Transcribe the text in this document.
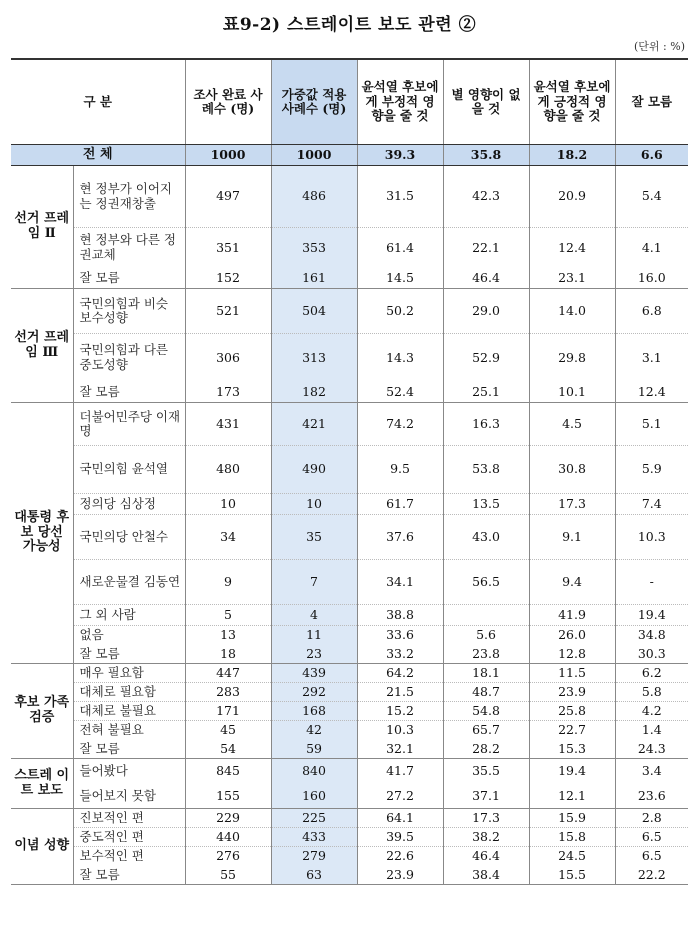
표9-2) 스트레이트 보도 관련 ②
(단위 : %)
구 분		조사 완료 사례수 (명)	가중값 적용 사례수 (명)	윤석열 후보에게 부정적 영향을 줄 것	별 영향이 없을 것	윤석열 후보에게 긍정적 영향을 줄 것	잘 모름
전 체		1000	1000	39.3	35.8	18.2	6.6
선거 프레임 Ⅱ	현 정부가 이어지는 정권재창출	497	486	31.5	42.3	20.9	5.4
	현 정부와 다른 정권교체	351	353	61.4	22.1	12.4	4.1
	잘 모름	152	161	14.5	46.4	23.1	16.0
선거 프레임 Ⅲ	국민의힘과 비슷 보수성향	521	504	50.2	29.0	14.0	6.8
	국민의힘과 다른 중도성향	306	313	14.3	52.9	29.8	3.1
	잘 모름	173	182	52.4	25.1	10.1	12.4
대통령 후보 당선 가능성	더불어민주당 이재명	431	421	74.2	16.3	4.5	5.1
	국민의힘 윤석열	480	490	9.5	53.8	30.8	5.9
	정의당 심상정	10	10	61.7	13.5	17.3	7.4
	국민의당 안철수	34	35	37.6	43.0	9.1	10.3
	새로운물결 김동연	9	7	34.1	56.5	9.4	-
	그 외 사람	5	4	38.8		41.9	19.4
	없음	13	11	33.6	5.6	26.0	34.8
	잘 모름	18	23	33.2	23.8	12.8	30.3
후보 가족 검증	매우 필요함	447	439	64.2	18.1	11.5	6.2
	대체로 필요함	283	292	21.5	48.7	23.9	5.8
	대체로 불필요	171	168	15.2	54.8	25.8	4.2
	전혀 불필요	45	42	10.3	65.7	22.7	1.4
	잘 모름	54	59	32.1	28.2	15.3	24.3
스트레 이트 보도	들어봤다	845	840	41.7	35.5	19.4	3.4
	들어보지 못함	155	160	27.2	37.1	12.1	23.6
이념 성향	진보적인 편	229	225	64.1	17.3	15.9	2.8
	중도적인 편	440	433	39.5	38.2	15.8	6.5
	보수적인 편	276	279	22.6	46.4	24.5	6.5
	잘 모름	55	63	23.9	38.4	15.5	22.2
